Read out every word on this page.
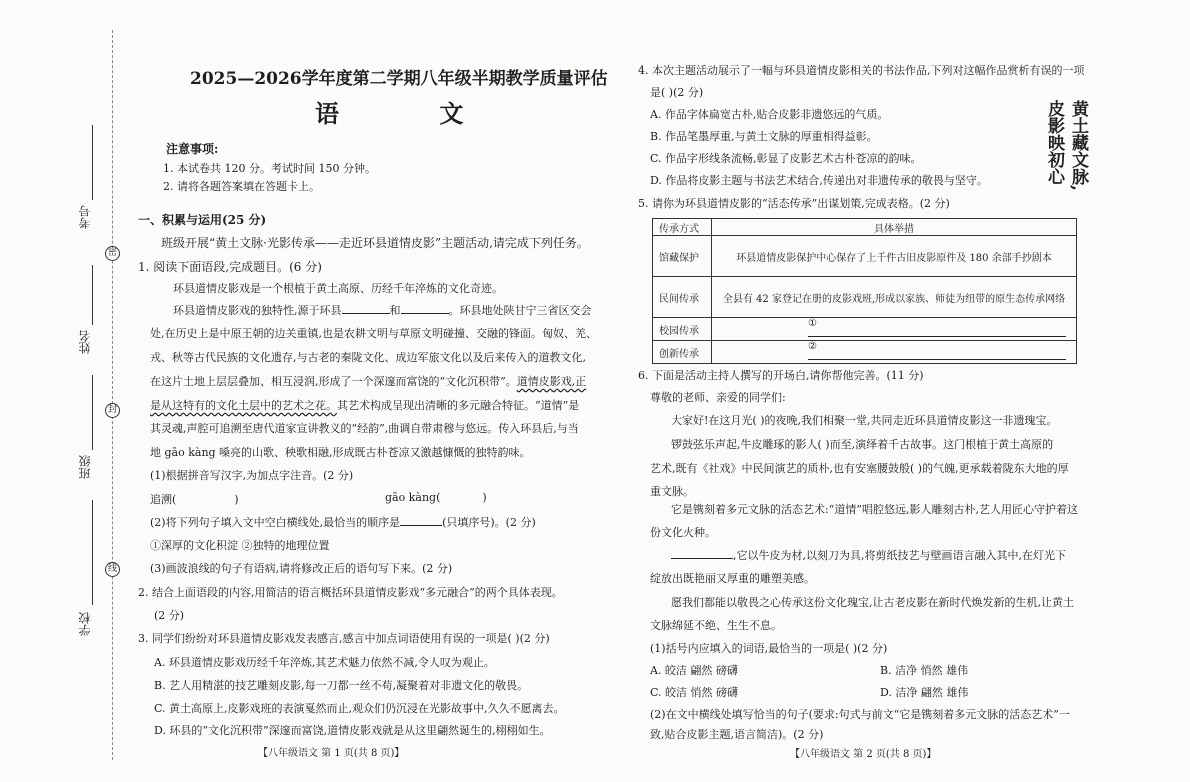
考号
姓名
班级
学校
密
封
线
2025—2026学年度第二学期八年级半期教学质量评估
语 文
注意事项:
1. 本试卷共 120 分。考试时间 150 分钟。
2. 请将各题答案填在答题卡上。
一、积累与运用(25 分)
班级开展“黄土文脉·光影传承——走近环县道情皮影”主题活动,请完成下列任务。
1. 阅读下面语段,完成题目。(6 分)
环县道情皮影戏是一个根植于黄土高原、历经千年淬炼的文化奇迹。
环县道情皮影戏的独特性,源于环县	和	。环县地处陕甘宁三省区交会
处,在历史上是中原王朝的边关重镇,也是农耕文明与草原文明碰撞、交融的锋面。匈奴、羌、
戎、秋等古代民族的文化遗存,与古老的秦陇文化、成边军旅文化以及后来传入的道教文化,
在这片土地上层层叠加、相互浸润,形成了一个深邃而富饶的“文化沉积带”。道情皮影戏,正
是从这特有的文化土层中的艺术之花。其艺术构成呈现出清晰的多元融合特征。“道情”是
其灵魂,声腔可追溯至唐代道家宣讲教义的“经韵”,曲调自带肃穆与悠远。传入环县后,与当
地 gāo kàng 嗓亮的山歌、秧歌相融,形成既古朴苍凉又激越慷慨的独特韵味。
(1)根据拼音写汉字,为加点字注音。(2 分)
追溯(	)	gāo kàng(	)
(2)将下列句子填入文中空白横线处,最恰当的顺序是	(只填序号)。(2 分)
①深厚的文化积淀 ②独特的地理位置
(3)画波浪线的句子有语病,请将修改正后的语句写下来。(2 分)
2. 结合上面语段的内容,用简洁的语言概括环县道情皮影戏“多元融合”的两个具体表现。
(2 分)
3. 同学们纷纷对环县道情皮影戏发表感言,感言中加点词语使用有误的一项是( )(2 分)
A. 环县道情皮影戏历经千年淬炼,其艺术魅力依然不减,令人叹为观止。
B. 艺人用精湛的技艺雕刻皮影,每一刀都一丝不苟,凝聚着对非遗文化的敬畏。
C. 黄土高原上,皮影戏班的表演戛然而止,观众们仍沉浸在光影故事中,久久不愿离去。
D. 环县的“文化沉积带”深邃而富饶,道情皮影戏就是从这里翩然诞生的,栩栩如生。
【八年级语文 第 1 页(共 8 页)】
4. 本次主题活动展示了一幅与环县道情皮影相关的书法作品,下列对这幅作品赏析有误的一项
是( )(2 分)
A. 作品字体扁宽古朴,贴合皮影非遗悠远的气质。
B. 作品笔墨厚重,与黄土文脉的厚重相得益彰。
C. 作品字形线条流畅,彰显了皮影艺术古朴苍凉的韵味。
D. 作品将皮影主题与书法艺术结合,传递出对非遗传承的敬畏与坚守。	黄土藏文脉,
皮影映初心
5. 请你为环县道情皮影的“活态传承”出谋划策,完成表格。(2 分)
传承方式	具体举措
馆藏保护	环县道情皮影保护中心保存了上千件古旧皮影原件及 180 余部手抄剧本
民间传承	全县有 42 家登记在册的皮影戏班,形成以家族、师徒为纽带的原生态传承网络
校园传承	①
创新传承	②
6. 下面是活动主持人撰写的开场白,请你帮他完善。(11 分)
尊敬的老师、亲爱的同学们:
大家好!在这月光( )的夜晚,我们相聚一堂,共同走近环县道情皮影这一非遗瑰宝。
锣鼓弦乐声起,牛皮雕琢的影人( )而至,演绎着千古故事。这门根植于黄土高原的
艺术,既有《社戏》中民间演艺的质朴,也有安塞腰鼓般( )的气魄,更承载着陇东大地的厚
重文脉。
它是镌刻着多元文脉的活态艺术:“道情”唱腔悠远,影人雕刻古朴,艺人用匠心守护着这
份文化火种。
,它以牛皮为材,以刻刀为具,将剪纸技艺与壁画语言融入其中,在灯光下
绽放出既艳丽又厚重的雕塑美感。
愿我们都能以敬畏之心传承这份文化瑰宝,让古老皮影在新时代焕发新的生机,让黄土
文脉绵延不绝、生生不息。
(1)括号内应填入的词语,最恰当的一项是( )(2 分)
A. 皎洁 翩然 磅礴	B. 洁净 悄然 雄伟
C. 皎洁 悄然 磅礴	D. 洁净 翩然 雄伟
(2)在文中横线处填写恰当的句子(要求:句式与前文“它是镌刻着多元文脉的活态艺术”一
致,贴合皮影主题,语言简洁)。(2 分)
【八年级语文 第 2 页(共 8 页)】
